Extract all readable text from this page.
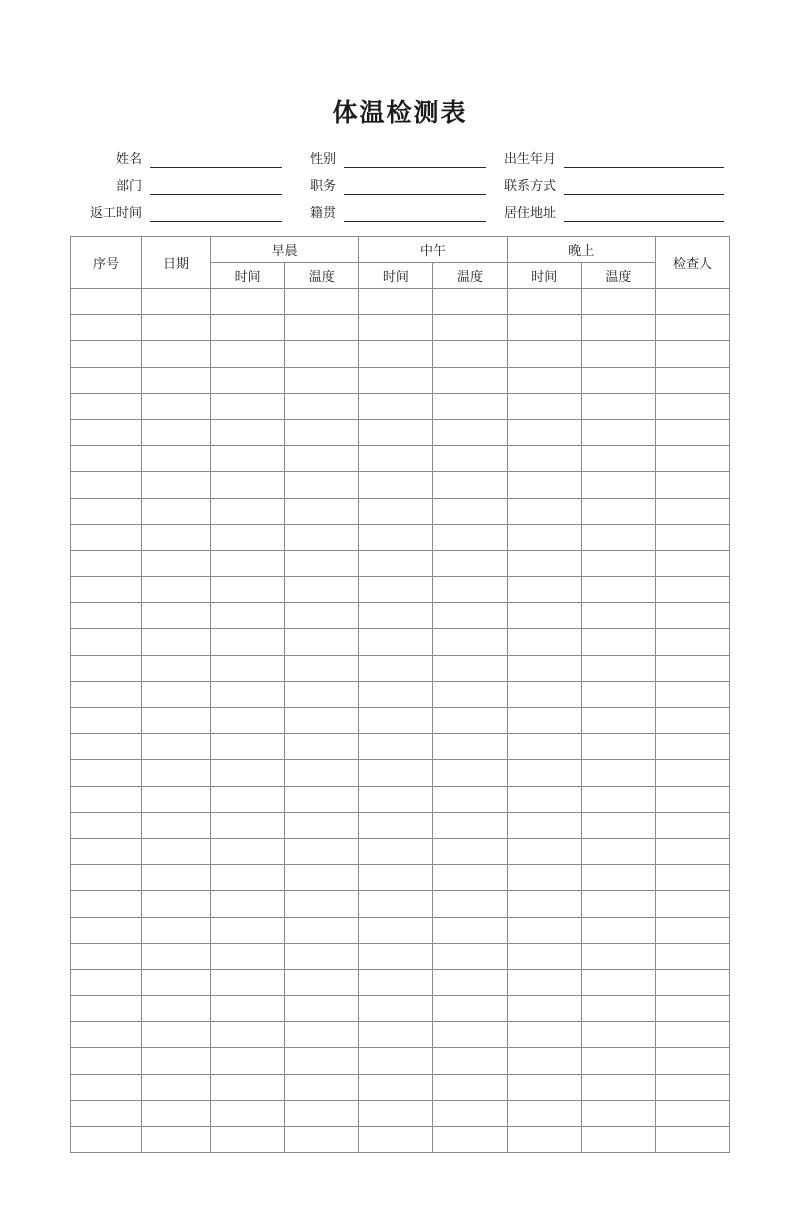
体温检测表
姓名	性别	出生年月
部门	职务	联系方式
返工时间	籍贯	居住地址
序号	日期	早晨		中午		晚上		检查人
		时间	温度	时间	温度	时间	温度	
